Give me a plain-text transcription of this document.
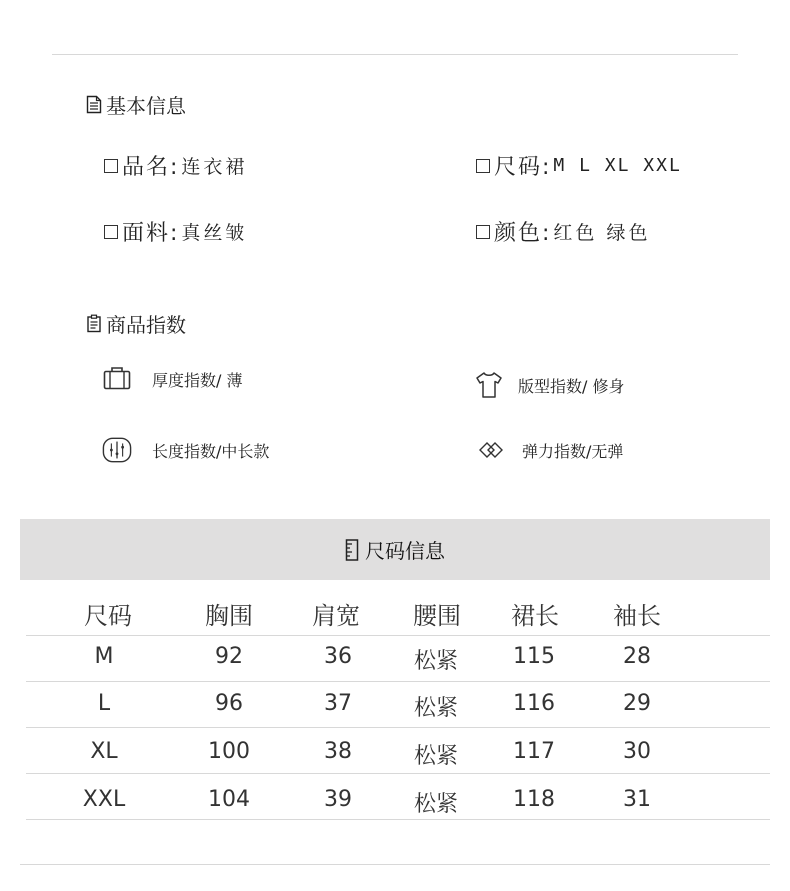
基本信息
品名: 连衣裙	尺码: M L XL XXL
面料: 真丝皱	颜色: 红色 绿色
商品指数
厚度指数/ 薄	版型指数/ 修身
长度指数/中长款	弹力指数/无弹
尺码信息
尺码	胸围	肩宽	腰围	裙长	袖长
M	92	36	松紧	115	28
L	96	37	松紧	116	29
XL	100	38	松紧	117	30
XXL	104	39	松紧	118	31
